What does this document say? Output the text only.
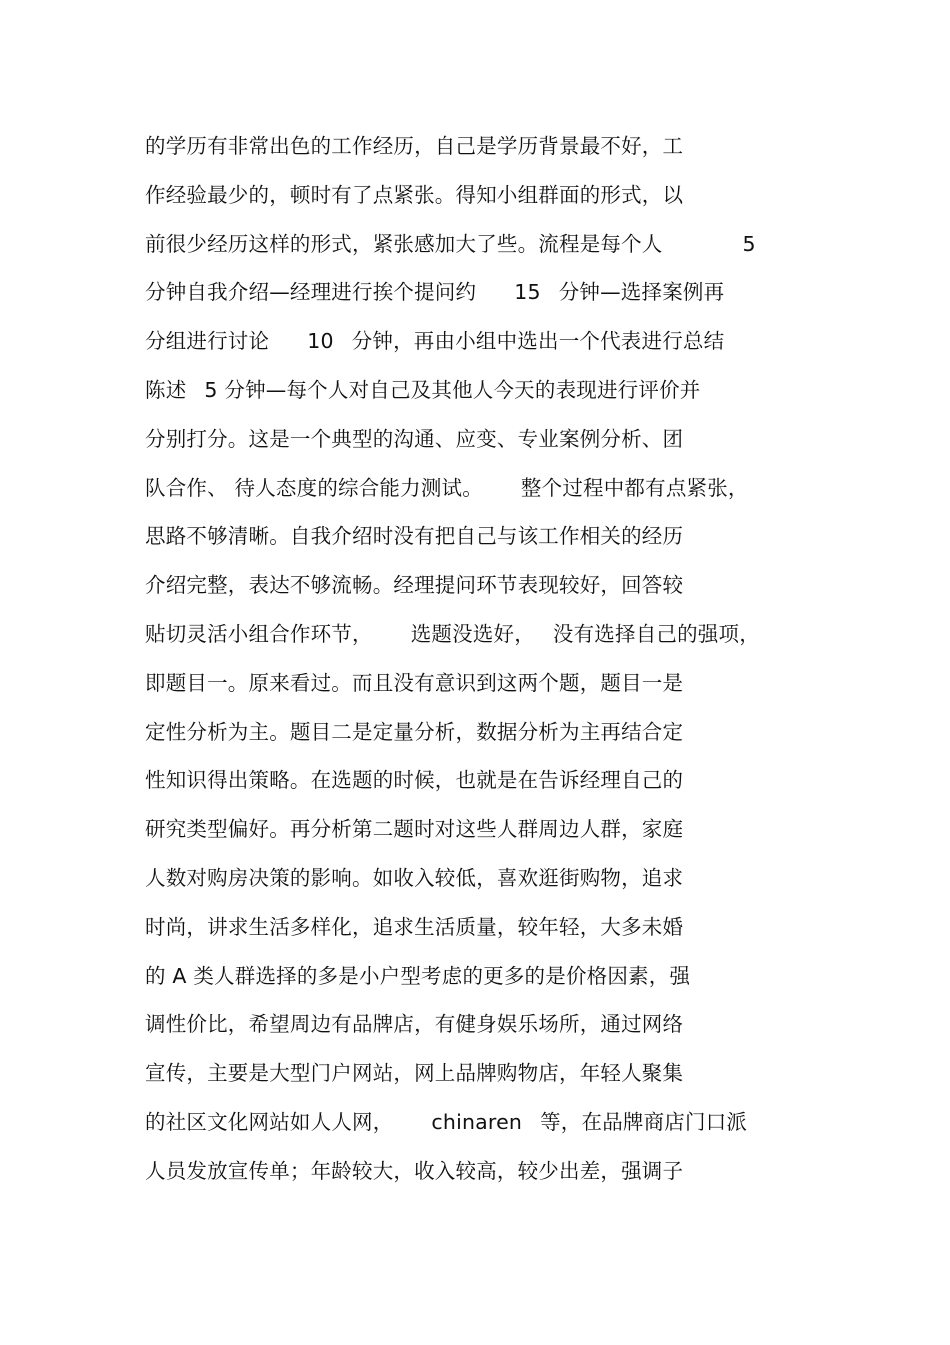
的学历有非常出色的工作经历，自己是学历背景最不好，工
作经验最少的，顿时有了点紧张。得知小组群面的形式，以
前很少经历这样的形式，紧张感加大了些。流程是每个人	5
分钟自我介绍—经理进行挨个提问约 15 分钟—选择案例再
分组进行讨论 10 分钟，再由小组中选出一个代表进行总结
陈述 5 分钟—每个人对自己及其他人今天的表现进行评价并
分别打分。这是一个典型的沟通、应变、专业案例分析、团
队合作、 待人态度的综合能力测试。 整个过程中都有点紧张，
思路不够清晰。自我介绍时没有把自己与该工作相关的经历
介绍完整，表达不够流畅。经理提问环节表现较好，回答较
贴切灵活小组合作环节， 选题没选好， 没有选择自己的强项，
即题目一。原来看过。而且没有意识到这两个题，题目一是
定性分析为主。题目二是定量分析，数据分析为主再结合定
性知识得出策略。在选题的时候，也就是在告诉经理自己的
研究类型偏好。再分析第二题时对这些人群周边人群，家庭
人数对购房决策的影响。如收入较低，喜欢逛街购物，追求
时尚，讲求生活多样化，追求生活质量，较年轻，大多未婚
的 A 类人群选择的多是小户型考虑的更多的是价格因素，强
调性价比，希望周边有品牌店，有健身娱乐场所，通过网络
宣传，主要是大型门户网站，网上品牌购物店，年轻人聚集
的社区文化网站如人人网， chinaren 等，在品牌商店门口派
人员发放宣传单；年龄较大，收入较高，较少出差，强调子
